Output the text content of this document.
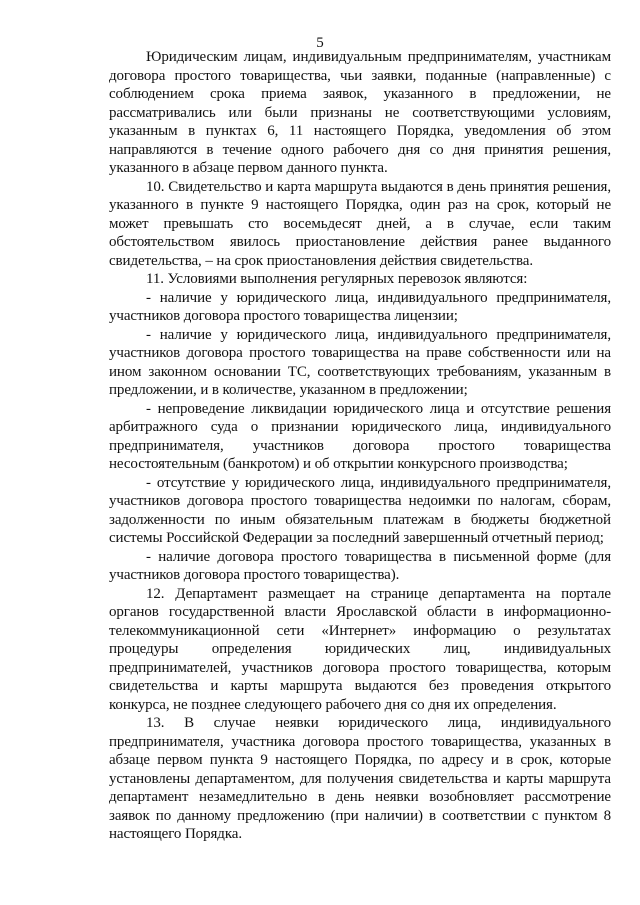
5

Юридическим лицам, индивидуальным предпринимателям, участникам договора простого товарищества, чьи заявки, поданные (направленные) с соблюдением срока приема заявок, указанного в предложении, не рассматривались или были признаны не соответствующими условиям, указанным в пунктах 6, 11 настоящего Порядка, уведомления об этом направляются в течение одного рабочего дня со дня принятия решения, указанного в абзаце первом данного пункта.

10. Свидетельство и карта маршрута выдаются в день принятия решения, указанного в пункте 9 настоящего Порядка, один раз на срок, который не может превышать сто восемьдесят дней, а в случае, если таким обстоятельством явилось приостановление действия ранее выданного свидетельства, – на срок приостановления действия свидетельства.

11. Условиями выполнения регулярных перевозок являются:

- наличие у юридического лица, индивидуального предпринимателя, участников договора простого товарищества лицензии;

- наличие у юридического лица, индивидуального предпринимателя, участников договора простого товарищества на праве собственности или на ином законном основании ТС, соответствующих требованиям, указанным в предложении, и в количестве, указанном в предложении;

- непроведение ликвидации юридического лица и отсутствие решения арбитражного суда о признании юридического лица, индивидуального предпринимателя, участников договора простого товарищества несостоятельным (банкротом) и об открытии конкурсного производства;

- отсутствие у юридического лица, индивидуального предпринимателя, участников договора простого товарищества недоимки по налогам, сборам, задолженности по иным обязательным платежам в бюджеты бюджетной системы Российской Федерации за последний завершенный отчетный период;

- наличие договора простого товарищества в письменной форме (для участников договора простого товарищества).

12. Департамент размещает на странице департамента на портале органов государственной власти Ярославской области в информационно-телекоммуникационной сети «Интернет» информацию о результатах процедуры определения юридических лиц, индивидуальных предпринимателей, участников договора простого товарищества, которым свидетельства и карты маршрута выдаются без проведения открытого конкурса, не позднее следующего рабочего дня со дня их определения.

13. В случае неявки юридического лица, индивидуального предпринимателя, участника договора простого товарищества, указанных в абзаце первом пункта 9 настоящего Порядка, по адресу и в срок, которые установлены департаментом, для получения свидетельства и карты маршрута департамент незамедлительно в день неявки возобновляет рассмотрение заявок по данному предложению (при наличии) в соответствии с пунктом 8 настоящего Порядка.
